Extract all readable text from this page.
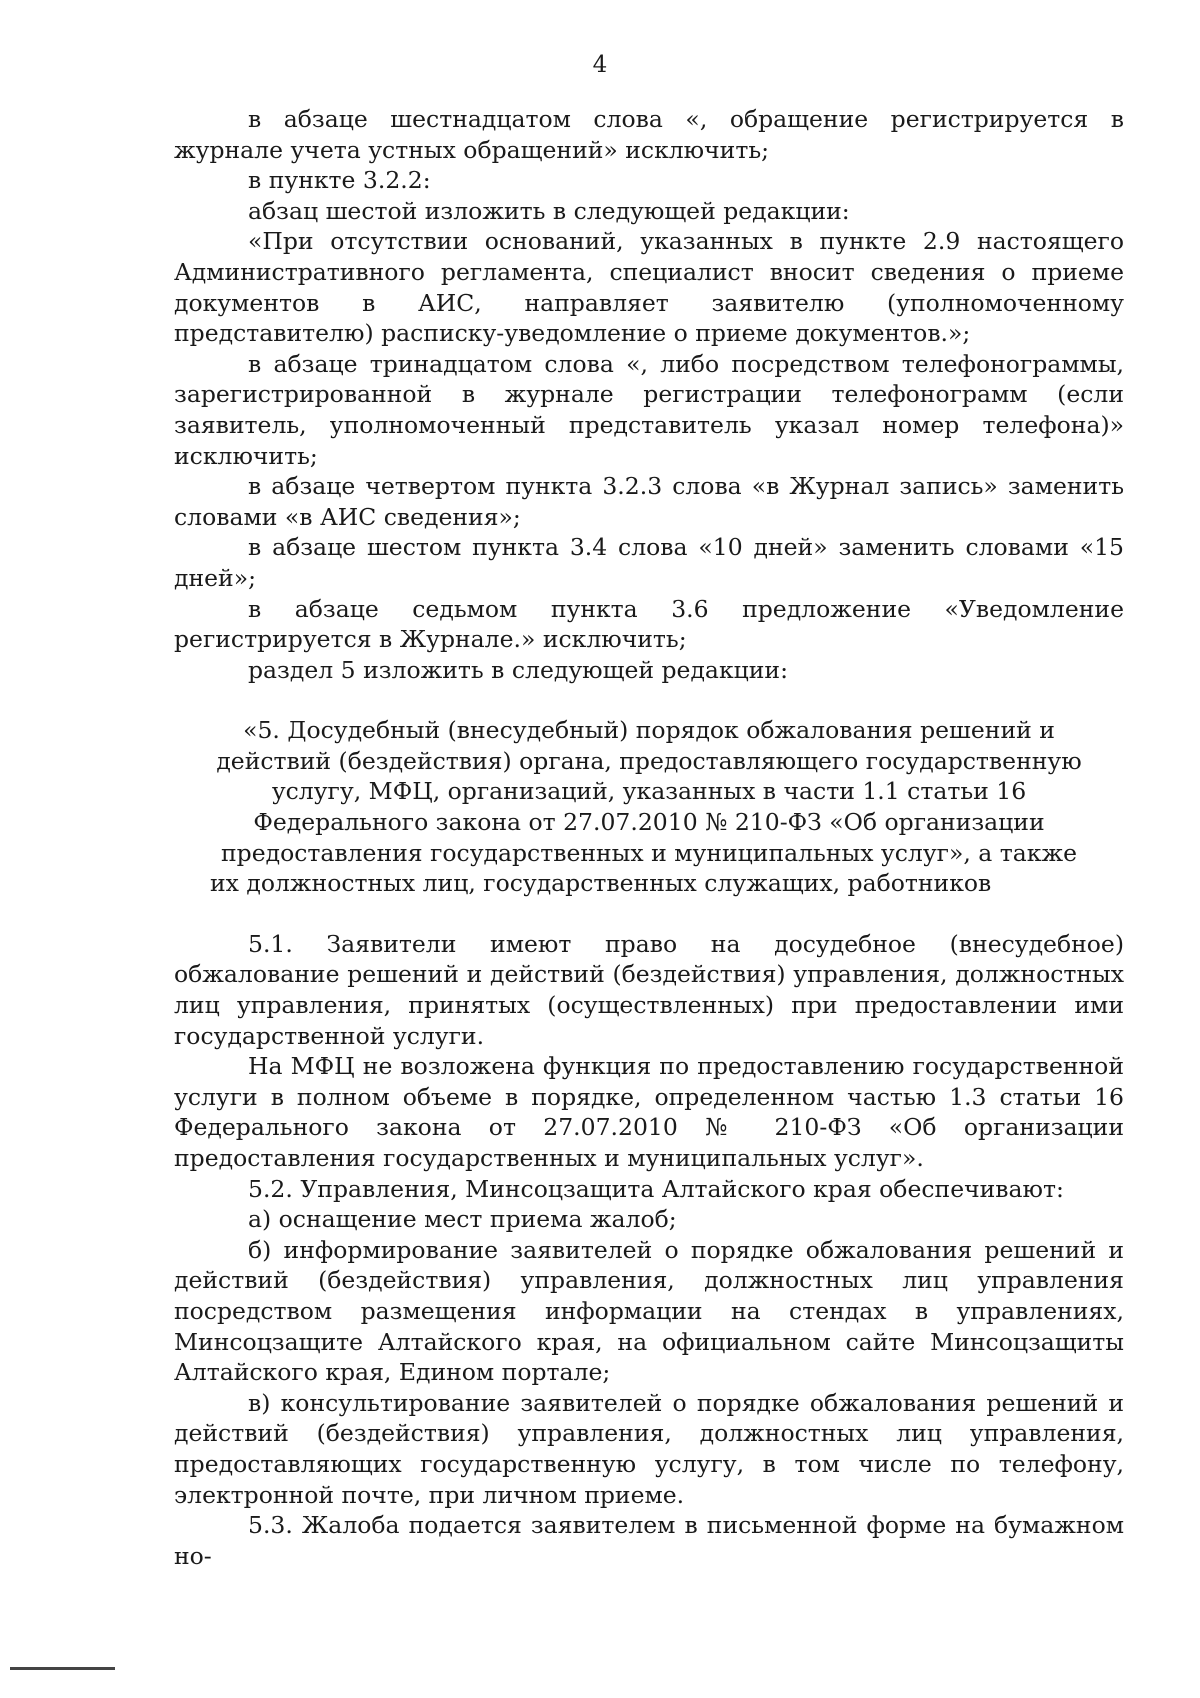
4

в абзаце шестнадцатом слова «, обращение регистрируется в журнале учета устных обращений» исключить;

в пункте 3.2.2:

абзац шестой изложить в следующей редакции:

«При отсутствии оснований, указанных в пункте 2.9 настоящего Административного регламента, специалист вносит сведения о приеме документов в АИС, направляет заявителю (уполномоченному представителю) расписку-уведомление о приеме документов.»;

в абзаце тринадцатом слова «, либо посредством телефонограммы, зарегистрированной в журнале регистрации телефонограмм (если заявитель, уполномоченный представитель указал номер телефона)» исключить;

в абзаце четвертом пункта 3.2.3 слова «в Журнал запись» заменить словами «в АИС сведения»;

в абзаце шестом пункта 3.4 слова «10 дней» заменить словами «15 дней»;

в абзаце седьмом пункта 3.6 предложение «Уведомление регистрируется в Журнале.» исключить;

раздел 5 изложить в следующей редакции:

«5. Досудебный (внесудебный) порядок обжалования решений и действий (бездействия) органа, предоставляющего государственную услугу, МФЦ, организаций, указанных в части 1.1 статьи 16 Федерального закона от 27.07.2010 № 210-ФЗ «Об организации предоставления государственных и муниципальных услуг», а также их должностных лиц, государственных служащих, работников

5.1. Заявители имеют право на досудебное (внесудебное) обжалование решений и действий (бездействия) управления, должностных лиц управления, принятых (осуществленных) при предоставлении ими государственной услуги.

На МФЦ не возложена функция по предоставлению государственной услуги в полном объеме в порядке, определенном частью 1.3 статьи 16 Федерального закона от 27.07.2010 № 210-ФЗ «Об организации предоставления государственных и муниципальных услуг».

5.2. Управления, Минсоцзащита Алтайского края обеспечивают:

а) оснащение мест приема жалоб;

б) информирование заявителей о порядке обжалования решений и действий (бездействия) управления, должностных лиц управления посредством размещения информации на стендах в управлениях, Минсоцзащите Алтайского края, на официальном сайте Минсоцзащиты Алтайского края, Едином портале;

в) консультирование заявителей о порядке обжалования решений и действий (бездействия) управления, должностных лиц управления, предоставляющих государственную услугу, в том числе по телефону, электронной почте, при личном приеме.

5.3. Жалоба подается заявителем в письменной форме на бумажном но-
